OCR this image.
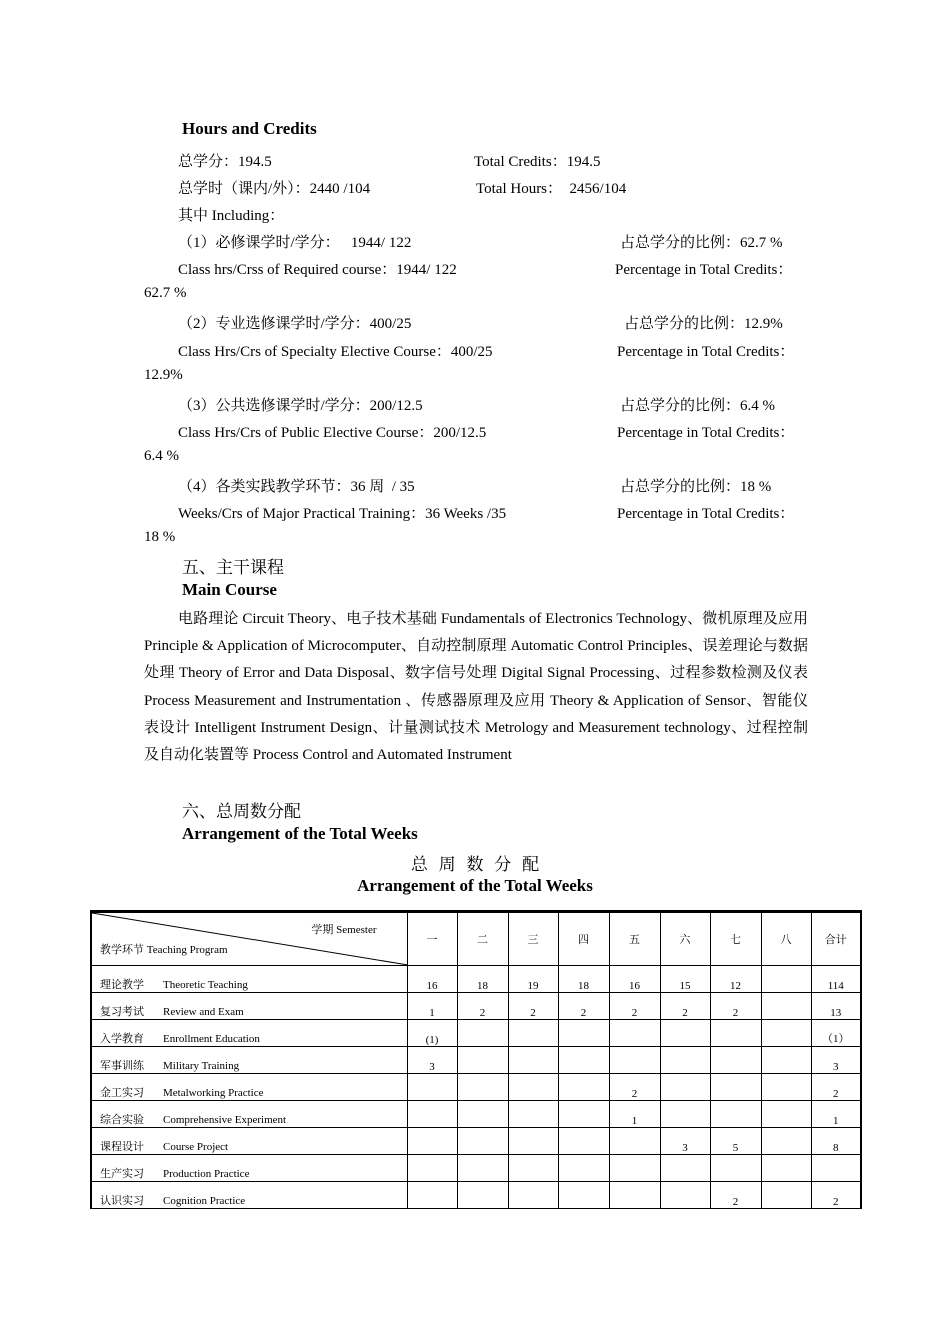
Hours and Credits
总学分：194.5	Total Credits：194.5
总学时（课内/外）：2440 /104	Total Hours：  2456/104
其中 Including：
（1）必修课学时/学分：   1944/ 122	占总学分的比例：62.7 %
Class hrs/Crss of Required course：1944/ 122	Percentage in Total Credits：
62.7 %
（2）专业选修课学时/学分：400/25	占总学分的比例：12.9%
Class Hrs/Crs of Specialty Elective Course：400/25	Percentage in Total Credits：
12.9%
（3）公共选修课学时/学分：200/12.5	占总学分的比例：6.4 %
Class Hrs/Crs of Public Elective Course：200/12.5	Percentage in Total Credits：
6.4 %
（4）各类实践教学环节：36 周  / 35	占总学分的比例：18 %
Weeks/Crs of Major Practical Training：36 Weeks /35	Percentage in Total Credits：
18 %
五、主干课程
Main Course
电路理论 Circuit Theory、电子技术基础 Fundamentals of Electronics Technology、微机原理及应用 Principle & Application of Microcomputer、自动控制原理 Automatic Control Principles、误差理论与数据处理 Theory of Error and Data Disposal、数字信号处理 Digital Signal Processing、过程参数检测及仪表 Process Measurement and Instrumentation 、传感器原理及应用 Theory & Application of Sensor、智能仪表设计 Intelligent Instrument Design、计量测试技术 Metrology and Measurement technology、过程控制及自动化装置等 Process Control and Automated Instrument
六、总周数分配
Arrangement of the Total Weeks
总  周  数  分  配
Arrangement of the Total Weeks
学期 Semester
教学环节 Teaching Program	一	二	三	四	五	六	七	八	合计
理论教学 Theoretic Teaching	16	18	19	18	16	15	12		114
复习考试 Review and Exam	1	2	2	2	2	2	2		13
入学教育 Enrollment Education	(1)								（1）
军事训练 Military Training	3								3
金工实习 Metalworking Practice					2				2
综合实验 Comprehensive Experiment					1				1
课程设计 Course Project						3	5		8
生产实习 Production Practice									
认识实习 Cognition Practice							2		2
